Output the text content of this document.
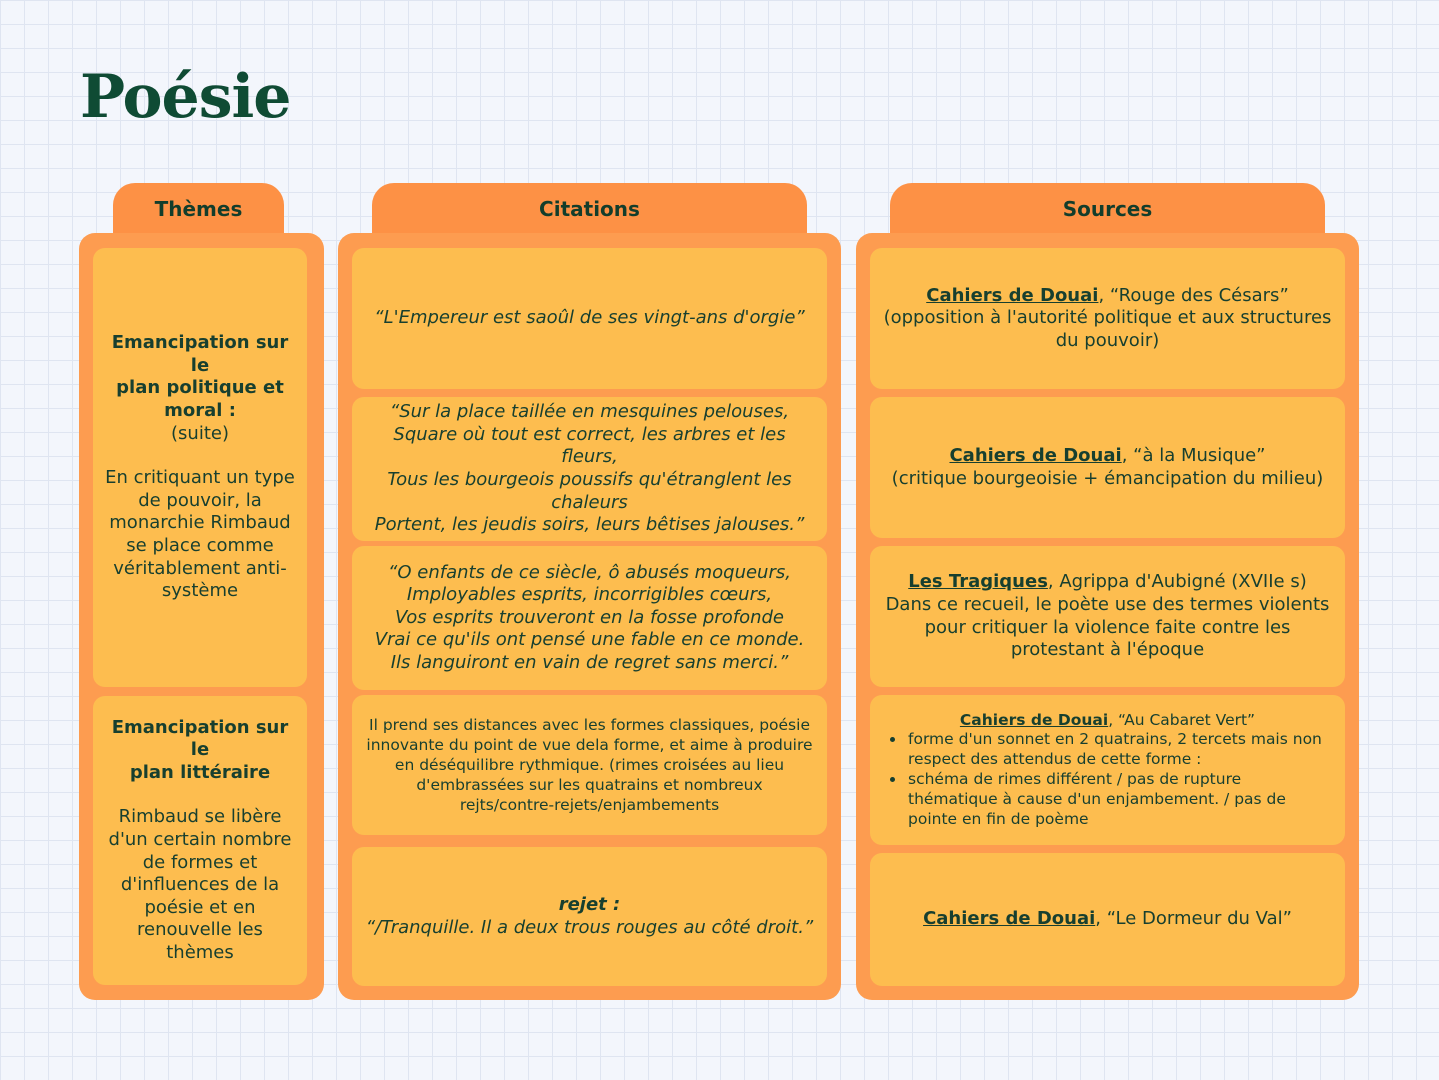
Poésie
Thèmes	Citations	Sources
Emancipation sur le
plan politique et
moral :
(suite)
En critiquant un type
de pouvoir, la
monarchie Rimbaud
se place comme
véritablement anti-
système
Emancipation sur le
plan littéraire
Rimbaud se libère
d'un certain nombre
de formes et
d'influences de la
poésie et en
renouvelle les
thèmes
“L'Empereur est saoûl de ses vingt-ans d'orgie”
“Sur la place taillée en mesquines pelouses,
Square où tout est correct, les arbres et les fleurs,
Tous les bourgeois poussifs qu'étranglent les
chaleurs
Portent, les jeudis soirs, leurs bêtises jalouses.”
“O enfants de ce siècle, ô abusés moqueurs,
Imployables esprits, incorrigibles cœurs,
Vos esprits trouveront en la fosse profonde
Vrai ce qu'ils ont pensé une fable en ce monde.
Ils languiront en vain de regret sans merci.”
Il prend ses distances avec les formes classiques, poésie
innovante du point de vue dela forme, et aime à produire
en déséquilibre rythmique. (rimes croisées au lieu
d'embrassées sur les quatrains et nombreux
rejts/contre-rejets/enjambements
rejet :
“/Tranquille. Il a deux trous rouges au côté droit.”
Cahiers de Douai, “Rouge des Césars”
(opposition à l'autorité politique et aux structures
du pouvoir)
Cahiers de Douai, “à la Musique”
(critique bourgeoisie + émancipation du milieu)
Les Tragiques, Agrippa d'Aubigné (XVIIe s)
Dans ce recueil, le poète use des termes violents
pour critiquer la violence faite contre les
protestant à l'époque
Cahiers de Douai, “Au Cabaret Vert”
• forme d'un sonnet en 2 quatrains, 2 tercets mais non
respect des attendus de cette forme :
• schéma de rimes différent / pas de rupture
thématique à cause d'un enjambement. / pas de
pointe en fin de poème
Cahiers de Douai, “Le Dormeur du Val”
